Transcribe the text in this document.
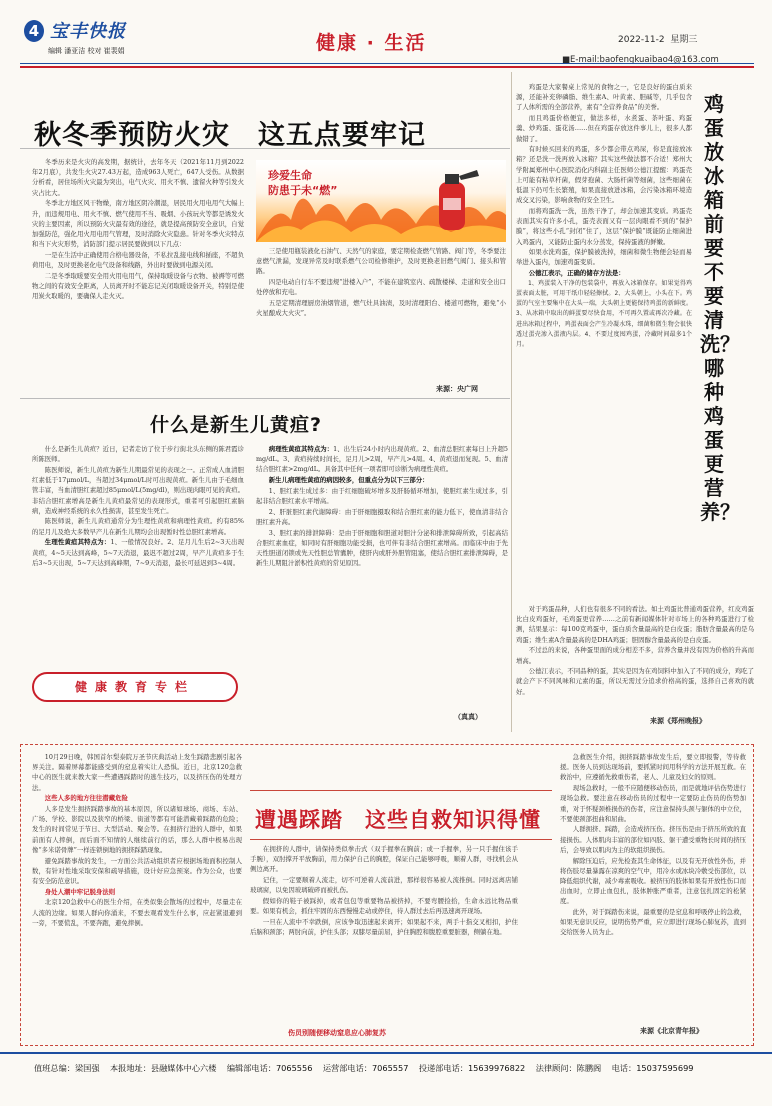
4 宝丰快报
编辑 潘亚洁 校对 崔裴娟	健康 · 生活	2022-11-2 星期三
■E-mail:baofengkuaibao4@163.com
秋冬季预防火灾　这五点要牢记
珍爱生命
防患于未“燃”

冬季历来是火灾的高发期，据统计，去年冬天（2021年11月到2022年2月底），共发生火灾27.43万起，造成963人死亡，647人受伤。从数据分析看，居住场所火灾最为突出，电气火灾、用火不慎、遗留火种等引发火灾占比大。

冬季北方地区风干物燥，南方地区阴冷潮湿，居民用火用电用气大幅上升，而违规用电、用火不慎、燃气使用不当、吸烟、小孩玩火等都是诱发火灾的主要因素，所以预防火灾最有效的途径，就是提高预防安全意识，自觉加强防范，强化用火用电用气管理，及时消除火灾隐患。针对冬季火灾特点和当下火灾形势，消防部门提示居民要做到以下几点：

一是在生活中正确使用合格电器设备，不私拉乱接电线和插座，不超负荷用电，及时更换老化电气设备和线路，外出时要做到电源关闭。

二是冬季取暖要安全用火用电用气，保持取暖设备与衣物、被褥等可燃物之间的有效安全距离，人员离开时不能忘记关闭取暖设备开关，特别是使用炭火取暖的，要确保人走火灭。

三是使用瓶装液化石油气、天然气的家庭，要定期检查燃气管路、阀门等，冬季要注意燃气泄漏，发现异常及时联系燃气公司检修维护，及时更换老旧燃气阀门、接头和管路。

四是电动自行车不要违规“进楼入户”，不能在建筑室内、疏散楼梯、走道和安全出口处停放和充电。

五是定期清理厨房油烟管道，燃气灶具油渍，及时清理阳台、楼道可燃物，避免“小火星酿成大火灾”。

来源：央广网
什么是新生儿黄疸?

什么是新生儿黄疸？近日，记者走访了位于步行街北头东侧的陈君霞诊所陈医师。

陈医师说，新生儿黄疸为新生儿期最常见的表现之一。正常成人血清胆红素低于17μmol/L，当超过34μmol/L时可出现黄疸。新生儿由于毛细血管丰富，当血清胆红素超过85μmol/L(5mg/dl)，则出现肉眼可见的黄疸。非结合胆红素增高是新生儿黄疸最常见的表现形式，重者可引起胆红素脑病，造成神经系统的永久性损害，甚至发生死亡。

陈医师说，新生儿黄疸通常分为生理性黄疸和病理性黄疸。约有85%的足月儿及绝大多数早产儿在新生儿期均会出现暂时性总胆红素增高。

生理性黄疸其特点为：1、一般情况良好。2、足月儿生后2~3天出现黄疸，4~5天达到高峰，5~7天消退，最迟不超过2周，早产儿黄疸多于生后3~5天出现，5~7天达到高峰期，7~9天消退，最长可延迟到3~4周。

病理性黄疸其特点为：1、出生后24小时内出现黄疸。2、血清总胆红素每日上升超5mg/dL。3、黄疸持续时间长，足月儿>2周，早产儿>4周。4、黄疸退而复现。5、血清结合胆红素>2mg/dL。具备其中任何一项者即可诊断为病理性黄疸。

新生儿病理性黄疸的病因较多，但重点分为以下三部分：

1、胆红素生成过多：由于红细胞破坏增多及肝肠循环增加，使胆红素生成过多，引起非结合胆红素水平增高。

2、肝脏胆红素代谢障碍：由于肝细胞摄取和结合胆红素的能力低下，使血清非结合胆红素升高。

3、胆红素的排泄障碍：是由于肝细胞和胆道对胆汁分泌和排泄障碍所致，引起高结合胆红素血症，如同时有肝细胞功能受损，也可伴有非结合胆红素增高。而临床中由于先天性胆道闭锁或先天性胆总管囊肿，使肝内或肝外胆管阻塞，使结合胆红素排泄障碍，是新生儿期阻汁淤积性黄疸的常见原因。

（真真）
健康教育专栏

鸡蛋是大家餐桌上常见的食物之一，它是良好的蛋白质来源，还能补充卵磷脂、维生素A、叶黄素、胆碱等，几乎包含了人体所需的全部营养，素有“全营养食品”的美誉。

而且鸡蛋价格便宜，做法多样，水煮蛋、茶叶蛋、鸡蛋羹、炒鸡蛋、蛋花汤……但在鸡蛋存放这件事儿上，很多人都做错了。

有时候买回来的鸡蛋，多少都会带点鸡屎，你是直接放冰箱？还是洗一洗再放入冰箱？其实这些做法都不合适！郑州大学附属郑州中心医院消化内科副主任医师公德江提醒：鸡蛋壳上可能有粘草杆菌，假芽孢菌、大肠杆菌等细菌，这些细菌在低温下仍可生长繁殖，如果直接放进冰箱，会污染冰箱环境造成交叉污染，影响食物的安全卫生。

而将鸡蛋洗一洗，虽然干净了，却会加速其变质。鸡蛋壳表面其实有许多小孔，蛋壳表面又有一层肉眼看不到的“保护膜”，将这些小孔“封闭”住了，这层“保护膜”既能防止细菌进入鸡蛋内，又能防止蛋内水分蒸发，保持蛋液的鲜嫩。

如果水洗鸡蛋，保护膜被洗掉，细菌和微生物便会轻而易举进入蛋内，加速鸡蛋变质。

公德江表示，正确的储存方法是：

1、鸡蛋装入干净的包装袋中，再放入冰箱保存。如果觉得鸡蛋表面太脏，可用干纸巾轻轻擦拭。2、大头朝上，小头在下。鸡蛋的气室主要集中在大头一端，大头朝上更能保持鸡蛋的新鲜度。3、从冰箱中取出的鲜蛋要尽快食用，不可再久置或再次冷藏。在进出冰箱过程中，鸡蛋表面会产生冷凝水珠，细菌和微生物会很快透过蛋壳渗入蛋液内层。4、不要过度囤鸡蛋，冷藏时间最多1个月。

鸡蛋放冰箱前要不要清洗？哪种鸡蛋更营养？

对于鸡蛋品种，人们也有很多不同的看法。如土鸡蛋比普通鸡蛋营养，红皮鸡蛋比白皮鸡蛋好，毛鸡蛋更营养……之前有新闻媒体针对市场上的各种鸡蛋进行了检测，结果显示：每100克鸡蛋中，蛋白质含量最高的是白皮蛋；脂肪含量最高的是乌鸡蛋；维生素A含量最高的是DHA鸡蛋；胆固醇含量最高的是白皮蛋。

不过总的来说，各种蛋里面的成分相差不多，营养含量并没有因为价格的升高而增高。

公德江表示，不同品种的蛋，其实是因为在鸡饲料中加入了不同的成分，鸡吃了就会产下不同风味和元素的蛋，所以无需过分追求价格高的蛋，选择自己喜欢的就好。

来源《郑州晚报》
遭遇踩踏　这些自救知识得懂

10月29日晚，韩国首尔梨泰院万圣节庆典活动上发生踩踏悲剧引起各界关注。隔着屏幕都能感受到的窒息着实让人恐惧。近日，北京120急救中心的医生就来教大家一些遭遇踩踏时的逃生技巧，以及挤压伤的处理方法。

这些人多的地方往往潜藏危险

人多是发生拥挤踩踏事故的基本原因，所以诸如球场、商场、车站、广场、学校、影院以及狭窄的桥梁、街道等都有可能潜藏着踩踏的危险；发生的时间常见于节日、大型活动、聚会等。在拥挤行进的人群中，如果前面有人摔倒，而后面不知情的人继续前行的话，那么人群中极易出现像“多米诺骨牌”一样连锁倒地的拥挤踩踏现象。

避免踩踏事故的发生，一方面公共活动组织者应根据场地面积控制人数，有针对性地采取安保和疏导措施，设计好应急预案。作为公众，也要有安全防范意识。

身处人潮中牢记脱身法则

北京120急救中心的医生介绍，在类似集会散场的过程中，尽量走在人流的边缘。如果人群向你涌来，不要去观看发生什么事，应赶紧退避到一旁，不要慌乱，不要奔跑，避免摔倒。

在拥挤的人群中，请保持类似拳击式（双手握拳在胸前；或一手握拳，另一只手握住该手手腕），双肘撑开平放胸前，用力保护自己的胸腔，保证自己能够呼吸，顺着人群，寻找机会从侧边离开。

记住，一定要顺着人流走，切不可逆着人流前进，那样很容易被人流推倒。同时远离店铺玻璃窗，以免因玻璃破碎而被扎伤。

假如你的鞋子被踩掉，或者包包等重要物品被挤掉，不要弯腰捡拾，生命永远比物品重要。如果有机会，抓住牢固的东西慢慢走动或停住，待人群过去后再迅速离开现场。

一旦在人流中不幸跌倒，应该争取迅速起来离开；如果起不来，两手十指交叉相扣，护住后脑和颈部；两肘向前，护住头部；双膝尽量前屈，护住胸腔和腹腔重要脏器，侧躺在地。

伤员别随便移动窒息应心肺复苏

急救医生介绍，拥挤踩踏事故发生后，要立即报警，等待救援。医务人员到达现场前，要抓紧时间用科学的方法开展互救。在救治中，应遵循先救重伤者，老人、儿童及妇女的原则。

现场急救时，一般不应随便移动伤员，而是就地评估伤势进行现场急救。要注意在移动伤员的过程中一定要防止伤员的伤势加重，对于怀疑颈椎损伤的伤者，应注意保持头颈与躯体的中立位，不要使颈部扭曲和屈曲。

人群拥挤、踩踏，会造成挤压伤。挤压伤是由于挤压所致的直接损伤。人体肌肉丰富的部位如四肢、躯干遭受重物长时间的挤压后，会导致以肌肉为主的软组织损伤。

解除压迫后，应先检查其生命体征，以及有无开放性外伤，并将伤肢尽量暴露在凉爽的空气中，用冷水或冰块冷敷受伤部位，以降低组织代谢，减少毒素吸收。被挤压的肢体如果有开放性伤口而出血时，立即止血包扎，肢体肿胀严重者，注意包扎固定的松紧度。

此外，对于踩踏伤来说，最重要的是窒息和呼吸停止的急救，如果无意识反应，说明伤势严重，应立即进行现场心肺复苏，直到交给医务人员为止。

来源《北京青年报》
值班总编：梁国强 本报地址：县融媒体中心六楼 编辑部电话：7065556 运营部电话：7065557 投递部电话：15639976822 法律顾问：陈鹏阁 电话：15037595699
